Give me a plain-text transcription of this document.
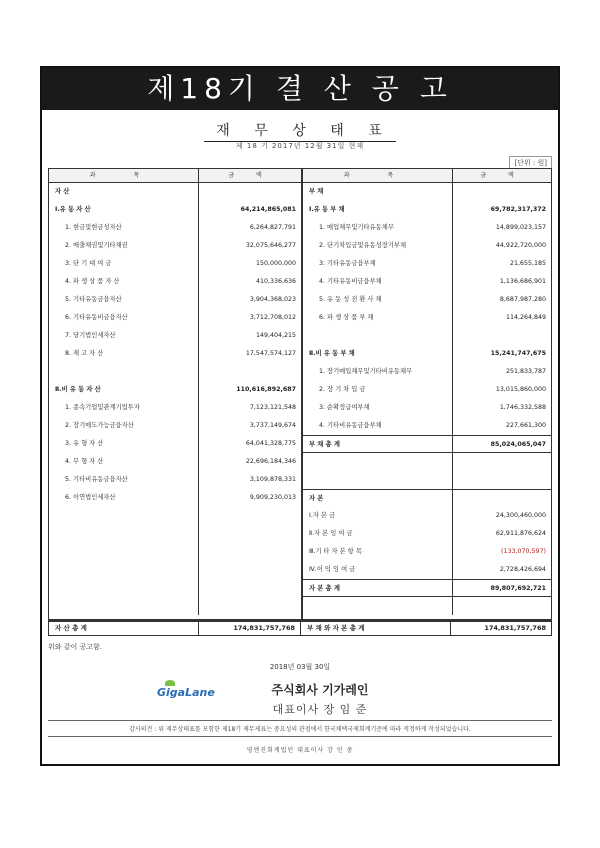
제18기 결 산 공 고
재 무 상 태 표
제 18 기 2017년 12월 31일 현재
[단위 : 원]
과 목	금 액
자 산
Ⅰ.유 동 자 산	64,214,865,081
1. 현금및현금성자산	6,264,827,791
2. 매출채권및기타채권	32,075,646,277
3. 단 기 대 여 금	150,000,000
4. 파 생 상 품 자 산	410,336,636
5. 기타유동금융자산	3,904,368,023
6. 기타유동비금융자산	3,712,708,012
7. 당기법인세자산	149,404,215
8. 재 고 자 산	17,547,574,127
Ⅱ.비 유 동 자 산	110,616,892,687
1. 종속기업및관계기업투자	7,123,121,548
2. 장기매도가능금융자산	3,737,149,674
3. 유 형 자 산	64,041,328,775
4. 무 형 자 산	22,696,184,346
5. 기타비유동금융자산	3,109,878,331
6. 이연법인세자산	9,909,230,013
과 목	금 액
부 채
Ⅰ.유 동 부 채	69,782,317,372
1. 매입채무및기타유동채무	14,899,023,157
2. 단기차입금및유동성장기부채	44,922,720,000
3. 기타유동금융부채	21,655,185
4. 기타유동비금융부채	1,136,686,901
5. 유 동 성 전 환 사 채	8,687,987,280
6. 파 생 상 품 부 채	114,264,849
Ⅱ.비 유 동 부 채	15,241,747,675
1. 장기매입채무및기타비유동채무	251,833,787
2. 장 기 차 입 금	13,015,860,000
3. 순확정급여부채	1,746,332,588
4. 기타비유동금융부채	227,661,300
부 채 총 계	85,024,065,047
자 본
Ⅰ.자 본 금	24,300,460,000
Ⅱ.자 본 잉 여 금	62,911,876,624
Ⅲ.기 타 자 본 항 목	(133,070,597)
Ⅳ.이 익 잉 여 금	2,728,426,694
자 본 총 계	89,807,692,721
자 산 총 계	174,831,757,768	부 채 와 자 본 총 계	174,831,757,768
위와 같이 공고함.
2018년 03월 30일
GigaLane	주식회사 기가레인
대표이사 장 임 준
감사의견 : 위 재무상태표를 포함한 제18기 재무제표는 중요성의 관점에서 한국채택국제회계기준에 따라 적정하게 작성되었습니다.
영앤진회계법인 대표이사 강 인 중
